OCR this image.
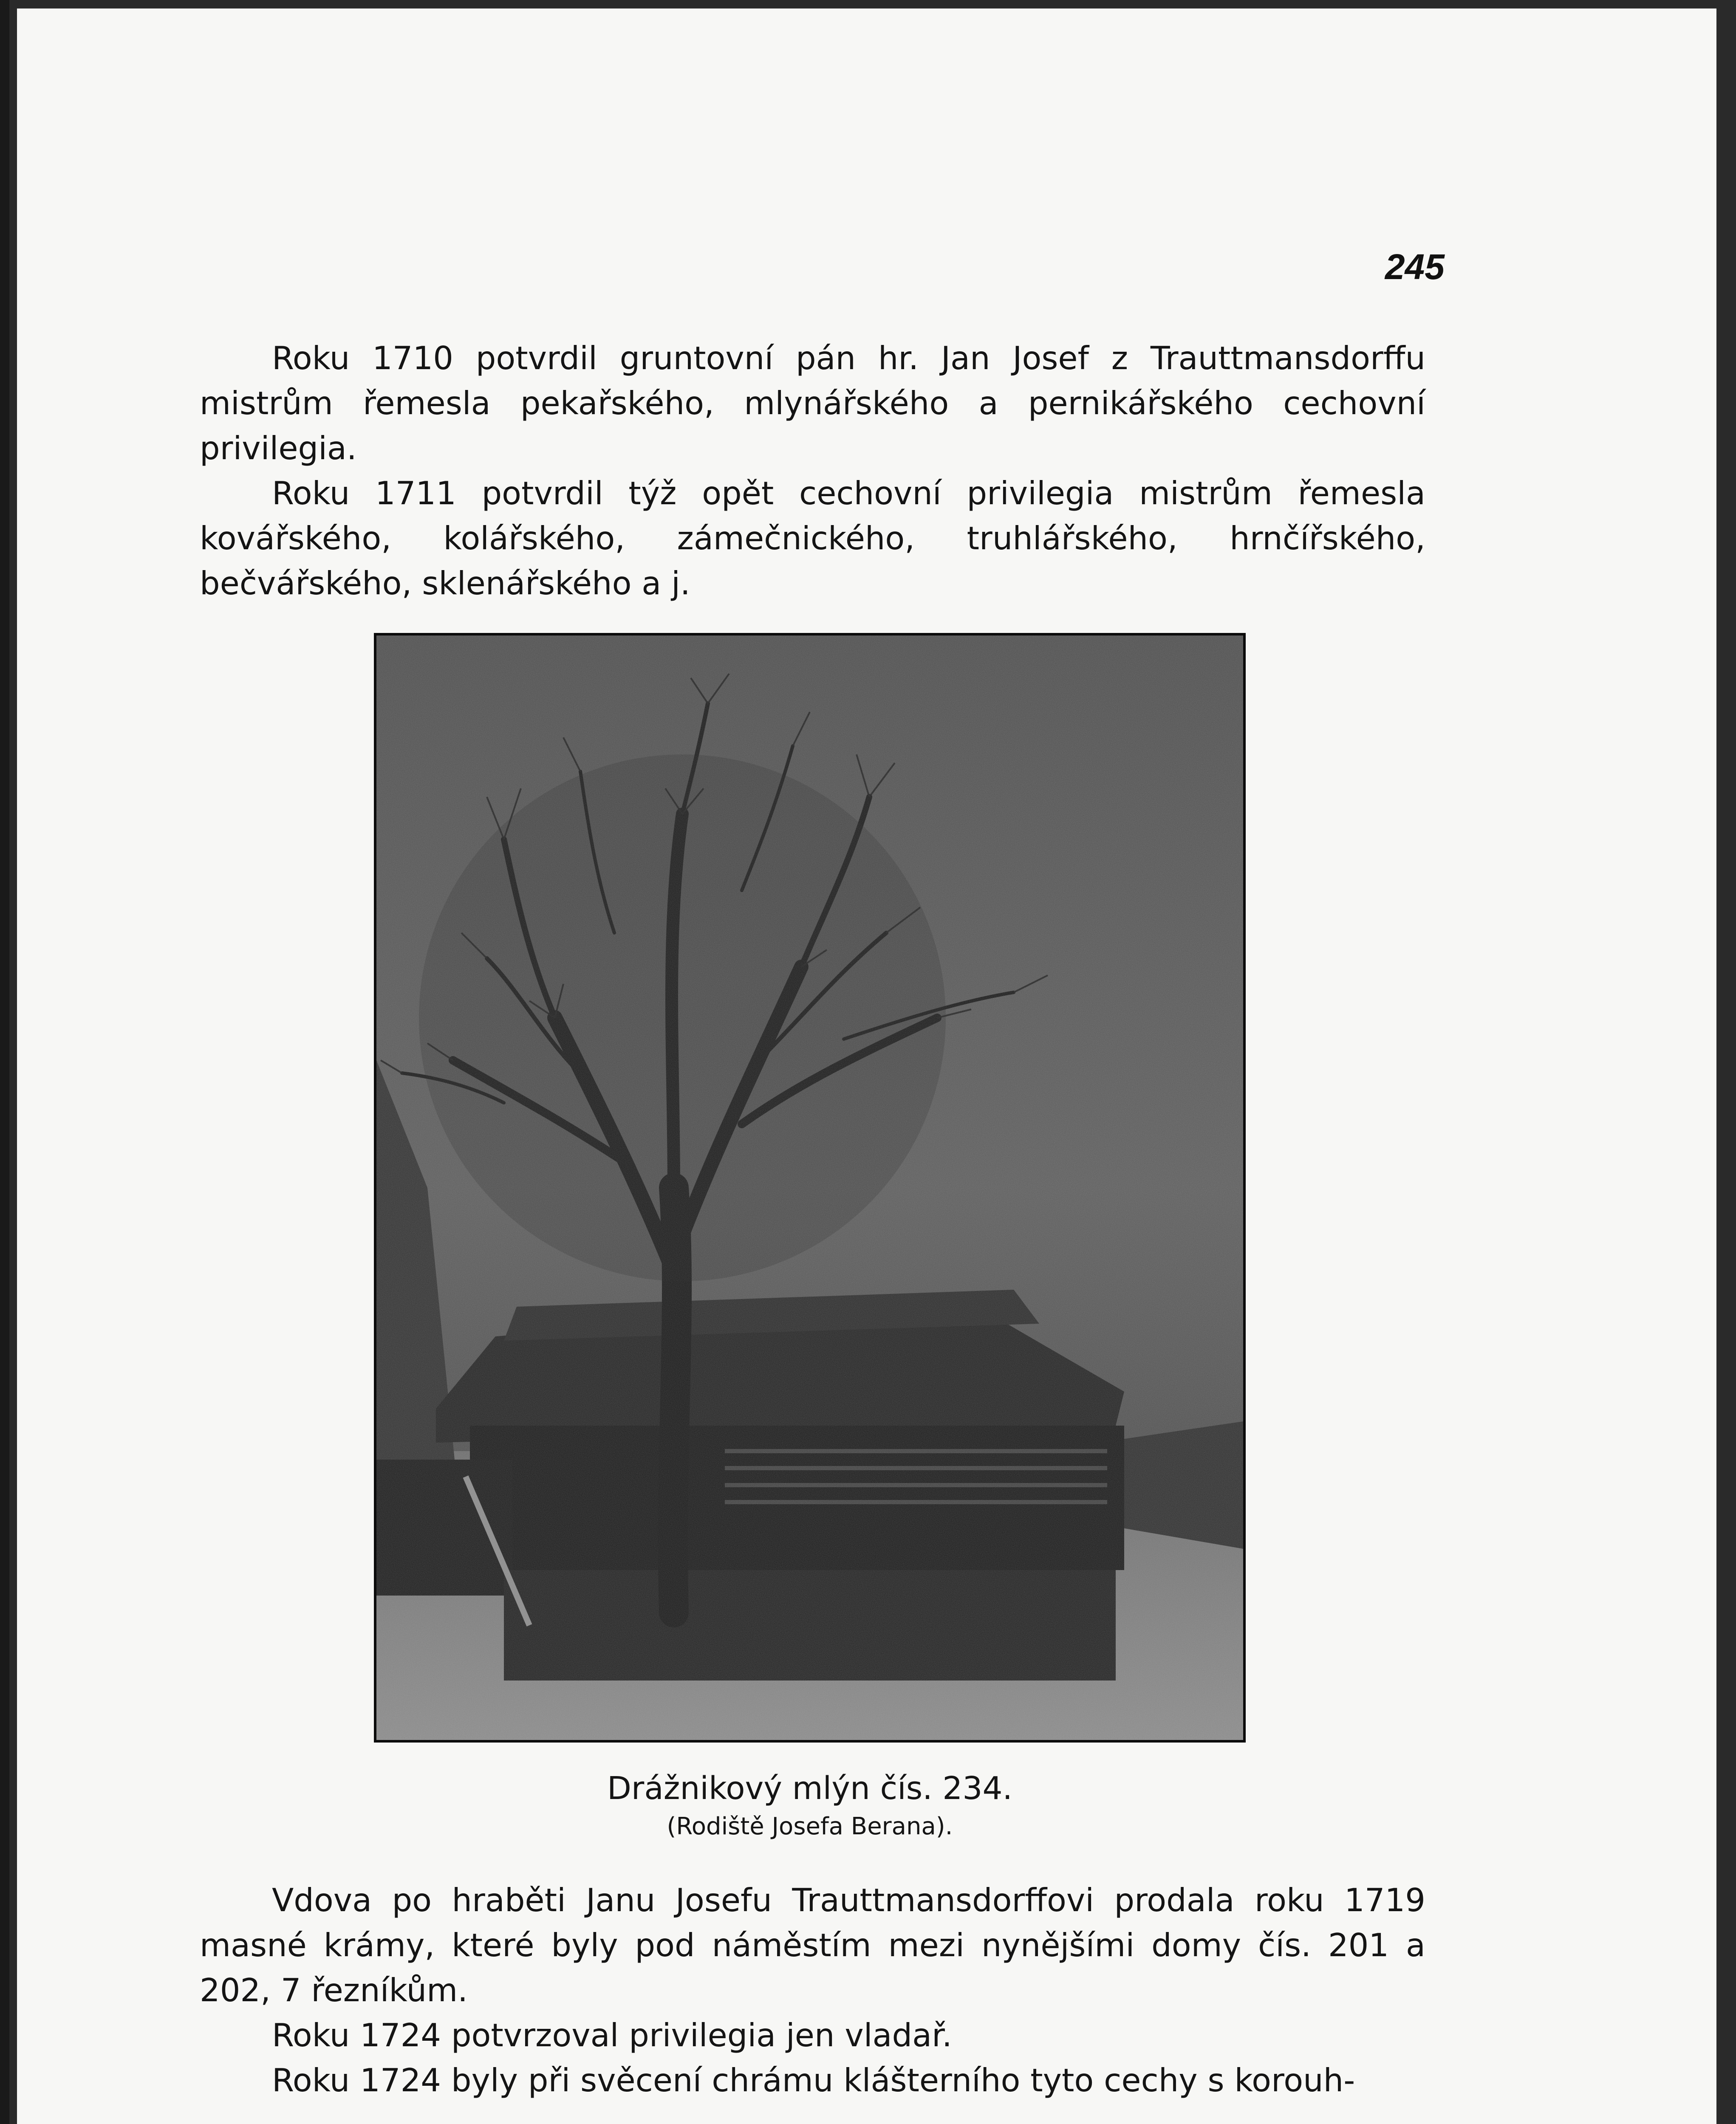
245

Roku 1710 potvrdil gruntovní pán hr. Jan Josef z Trauttmansdorffu mistrům řemesla pekařského, mlynářského a pernikářského cechovní privilegia.

Roku 1711 potvrdil týž opět cechovní privilegia mistrům řemesla kovářského, kolářského, zámečnického, truhlářského, hrnčířského, bečvářského, sklenářského a j.

Drážnikový mlýn čís. 234.
(Rodiště Josefa Berana).

Vdova po hraběti Janu Josefu Trauttmansdorffovi prodala roku 1719 masné krámy, které byly pod náměstím mezi nynějšími domy čís. 201 a 202, 7 řezníkům.

Roku 1724 potvrzoval privilegia jen vladař.

Roku 1724 byly při svěcení chrámu klášterního tyto cechy s korouh-
